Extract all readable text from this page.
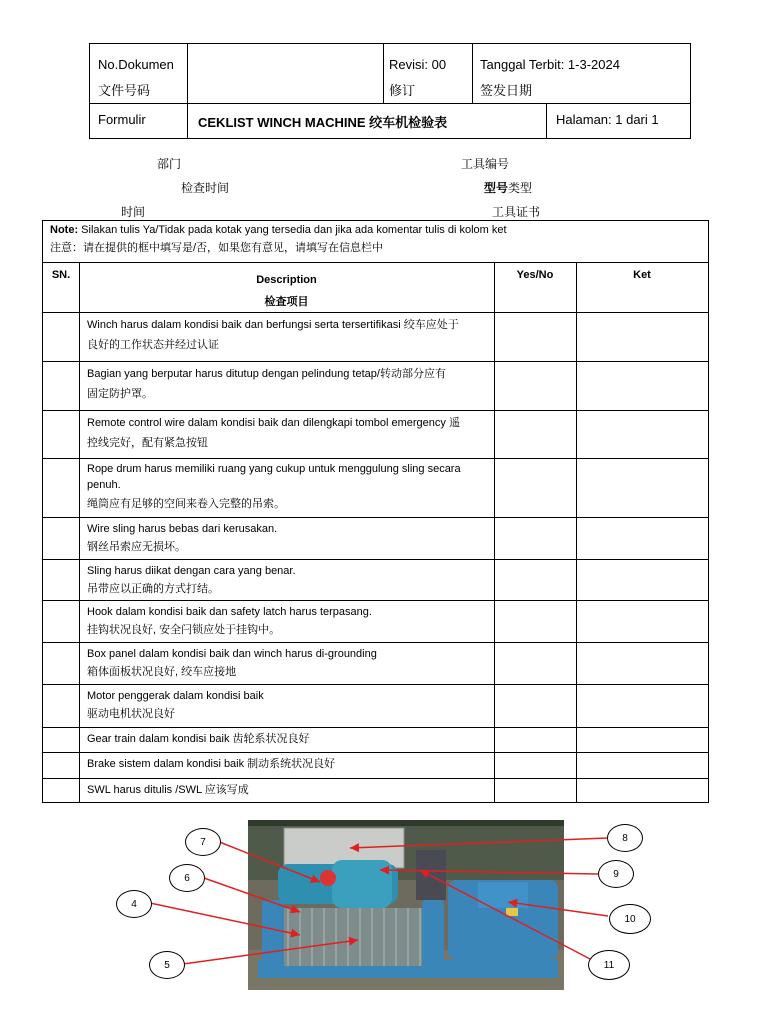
No.Dokumen
文件号码
Revisi: 00
修订
Tanggal Terbit: 1-3-2024
签发日期
Formulir	CEKLIST WINCH MACHINE 绞车机检验表	Halaman: 1 dari 1
部门	工具编号
检查时间	型号类型
时间	工具证书
Note: Silakan tulis Ya/Tidak pada kotak yang tersedia dan jika ada komentar tulis di kolom ket
注意：请在提供的框中填写是/否，如果您有意见，请填写在信息栏中
SN.	Description
检查项目
Yes/No	Ket
Winch harus dalam kondisi baik dan berfungsi serta tersertifikasi 绞车应处于
良好的工作状态并经过认证
Bagian yang berputar harus ditutup dengan pelindung tetap/转动部分应有
固定防护罩。
Remote control wire dalam kondisi baik dan dilengkapi tombol emergency 遥
控线完好，配有紧急按钮
Rope drum harus memiliki ruang yang cukup untuk menggulung sling secara penuh.
绳筒应有足够的空间来卷入完整的吊索。
Wire sling harus bebas dari kerusakan.
钢丝吊索应无损坏。
Sling harus diikat dengan cara yang benar.
吊带应以正确的方式打结。
Hook dalam kondisi baik dan safety latch harus terpasang.
挂钩状况良好, 安全闩锁应处于挂钩中。
Box panel dalam kondisi baik dan winch harus di-grounding
箱体面板状况良好, 绞车应接地
Motor penggerak dalam kondisi baik
驱动电机状况良好
Gear train dalam kondisi baik 齿轮系状况良好
Brake sistem dalam kondisi baik 制动系统状况良好
SWL harus ditulis /SWL 应该写成
7
6
4
5
8
9
10
11
